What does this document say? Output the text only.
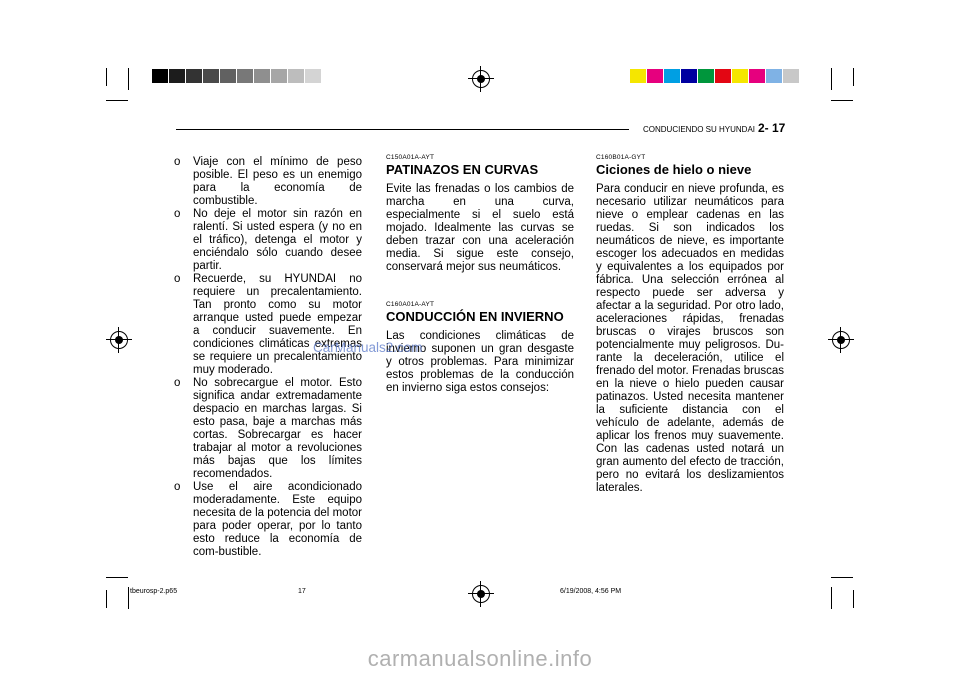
CONDUCIENDO SU HYUNDAI 2- 17

o Viaje con el mínimo de peso posible. El peso es un enemigo para la economía de combustible.

o No deje el motor sin razón en ralentí. Si usted espera (y no en el tráfico), detenga el motor y enciéndalo sólo cuando desee partir.

o Recuerde, su HYUNDAI no requiere un precalentamiento. Tan pronto como su motor arranque usted puede empezar a conducir suavemente. En condiciones climáticas extremas se requiere un precalentamiento muy moderado.

o No sobrecargue el motor. Esto significa andar extremadamente despacio en marchas largas. Si esto pasa, baje a marchas más cortas. Sobrecargar es hacer trabajar al motor a revoluciones más bajas que los límites recomendados.

o Use el aire acondicionado moderadamente. Este equipo necesita de la potencia del motor para poder operar, por lo tanto esto reduce la economía de com-bustible.

C150A01A-AYT

PATINAZOS EN CURVAS

Evite las frenadas o los cambios de marcha en una curva, especialmente si el suelo está mojado. Idealmente las curvas se deben trazar con una aceleración media. Si sigue este consejo, conservará mejor sus neumáticos.

C160A01A-AYT

CONDUCCIÓN EN INVIERNO

Las condiciones climáticas de invierno suponen un gran desgaste y otros problemas. Para minimizar estos problemas de la conducción en invierno siga estos consejos:

C160B01A-GYT

Ciciones de hielo o nieve

Para conducir en nieve profunda, es necesario utilizar neumáticos para nieve o emplear cadenas en las ruedas. Si son indicados los neumáticos de nieve, es importante escoger los adecuados en medidas y equivalentes a los equipados por fábrica. Una selección errónea al respecto puede ser adversa y afectar a la seguridad. Por otro lado, aceleraciones rápidas, frenadas bruscas o virajes bruscos son potencialmente muy peligrosos. Du-rante la deceleración, utilice el frenado del motor. Frenadas bruscas en la nieve o hielo pueden causar patinazos. Usted necesita mantener la suficiente distancia con el vehículo de adelante, además de aplicar los frenos muy suavemente. Con las cadenas usted notará un gran aumento del efecto de tracción, pero no evitará los deslizamientos laterales.

CarManuals2.com
tbeurosp-2.p65	17	6/19/2008, 4:56 PM
carmanualsonline.info
